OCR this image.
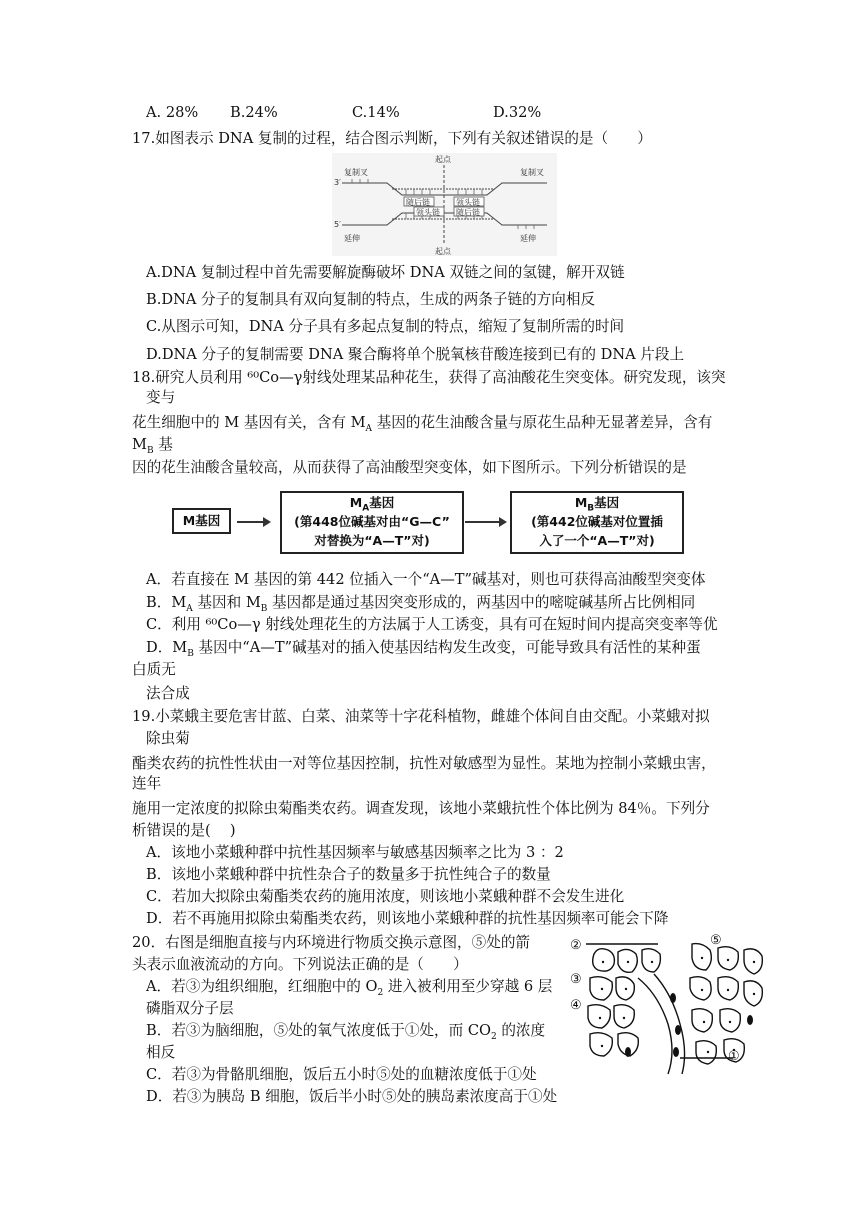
A. 28% B.24%	C.14%	D.32%
17.如图表示 DNA 复制的过程，结合图示判断，下列有关叙述错误的是（　　）
起点
起点
复制叉	复制叉
随后链	领头链
领头链 随后链
延伸	延伸
3′
5′
A.DNA 复制过程中首先需要解旋酶破坏 DNA 双链之间的氢键，解开双链
B.DNA 分子的复制具有双向复制的特点，生成的两条子链的方向相反
C.从图示可知，DNA 分子具有多起点复制的特点，缩短了复制所需的时间
D.DNA 分子的复制需要 DNA 聚合酶将单个脱氧核苷酸连接到已有的 DNA 片段上
18.研究人员利用 ⁶⁰Co—γ射线处理某品种花生，获得了高油酸花生突变体。研究发现，该突
变与
花生细胞中的 M 基因有关，含有 $M_A$ 基因的花生油酸含量与原花生品种无显著差异，含有
$M_B$ 基
因的花生油酸含量较高，从而获得了高油酸型突变体，如下图所示。下列分析错误的是
M基因
$M_A$基因
(第448位碱基对由“G—C”
对替换为“A—T”对)
$M_B$基因
(第442位碱基对位置插
入了一个“A—T”对)
A．若直接在 M 基因的第 442 位插入一个“A—T”碱基对，则也可获得高油酸型突变体
B．$M_A$ 基因和 $M_B$ 基因都是通过基因突变形成的，两基因中的嘧啶碱基所占比例相同
C．利用 ⁶⁰Co—γ 射线处理花生的方法属于人工诱变，具有可在短时间内提高突变率等优
D．$M_B$ 基因中“A—T”碱基对的插入使基因结构发生改变，可能导致具有活性的某种蛋
白质无
法合成
19.小菜蛾主要危害甘蓝、白菜、油菜等十字花科植物，雌雄个体间自由交配。小菜蛾对拟
除虫菊
酯类农药的抗性性状由一对等位基因控制，抗性对敏感型为显性。某地为控制小菜蛾虫害，
连年
施用一定浓度的拟除虫菊酯类农药。调查发现，该地小菜蛾抗性个体比例为 84％。下列分
析错误的是(　 )
A．该地小菜蛾种群中抗性基因频率与敏感基因频率之比为 3 ：2
B．该地小菜蛾种群中抗性杂合子的数量多于抗性纯合子的数量
C．若加大拟除虫菊酯类农药的施用浓度，则该地小菜蛾种群不会发生进化
D．若不再施用拟除虫菊酯类农药，则该地小菜蛾种群的抗性基因频率可能会下降
20．右图是细胞直接与内环境进行物质交换示意图，⑤处的箭
头表示血液流动的方向。下列说法正确的是（　　）
A．若③为组织细胞，红细胞中的 $O_2$ 进入被利用至少穿越 6 层
磷脂双分子层
B．若③为脑细胞，⑤处的氧气浓度低于①处，而 $CO_2$ 的浓度
相反
C．若③为骨骼肌细胞，饭后五小时⑤处的血糖浓度低于①处
D．若③为胰岛 B 细胞，饭后半小时⑤处的胰岛素浓度高于①处
②
③
④
⑤
①
